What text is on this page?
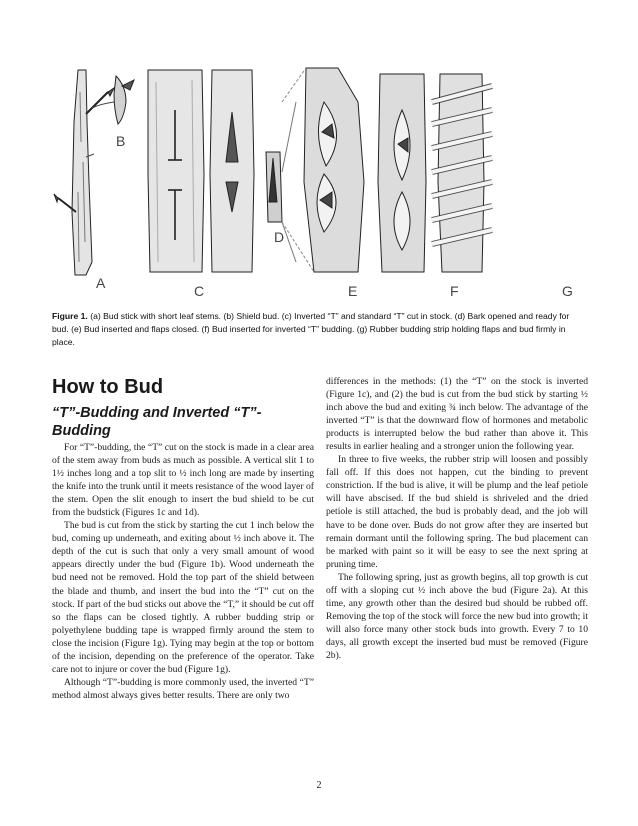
A
B
C
D
E	F	G
Figure 1. (a) Bud stick with short leaf stems. (b) Shield bud. (c) Inverted “T” and standard “T” cut in stock. (d) Bark opened and ready for bud. (e) Bud inserted and flaps closed. (f) Bud inserted for inverted “T” budding. (g) Rubber budding strip holding flaps and bud firmly in place.
How to Bud
“T”-Budding and Inverted “T”-Budding

For “T”-budding, the “T” cut on the stock is made in a clear area of the stem away from buds as much as possible. A vertical slit 1 to 1½ inches long and a top slit to ½ inch long are made by inserting the knife into the trunk until it meets resistance of the wood layer of the stem. Open the slit enough to insert the bud shield to be cut from the budstick (Figures 1c and 1d).

The bud is cut from the stick by starting the cut 1 inch below the bud, coming up underneath, and exiting about ½ inch above it. The depth of the cut is such that only a very small amount of wood appears directly under the bud (Figure 1b). Wood underneath the bud need not be removed. Hold the top part of the shield between the blade and thumb, and insert the bud into the “T” cut on the stock. If part of the bud sticks out above the “T,” it should be cut off so the flaps can be closed tightly. A rubber budding strip or polyethylene budding tape is wrapped firmly around the stem to close the incision (Figure 1g). Tying may begin at the top or bottom of the incision, depending on the preference of the operator. Take care not to injure or cover the bud (Figure 1g).

Although “T”-budding is more commonly used, the inverted “T” method almost always gives better results. There are only two

differences in the methods: (1) the “T” on the stock is inverted (Figure 1c), and (2) the bud is cut from the bud stick by starting ½ inch above the bud and exiting ¾ inch below. The advantage of the inverted “T” is that the downward flow of hormones and metabolic products is interrupted below the bud rather than above it. This results in earlier healing and a stronger union the following year.

In three to five weeks, the rubber strip will loosen and possibly fall off. If this does not happen, cut the binding to prevent constriction. If the bud is alive, it will be plump and the leaf petiole will have abscised. If the bud shield is shriveled and the dried petiole is still attached, the bud is probably dead, and the job will have to be done over. Buds do not grow after they are inserted but remain dormant until the following spring. The bud placement can be marked with paint so it will be easy to see the next spring at pruning time.

The following spring, just as growth begins, all top growth is cut off with a sloping cut ½ inch above the bud (Figure 2a). At this time, any growth other than the desired bud should be rubbed off. Removing the top of the stock will force the new bud into growth; it will also force many other stock buds into growth. Every 7 to 10 days, all growth except the inserted bud must be removed (Figure 2b).

2
